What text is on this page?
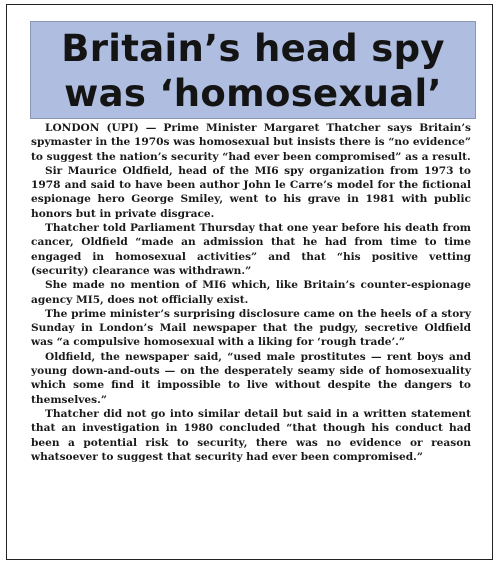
Britain’s head spy
was ‘homosexual’

LONDON (UPI) — Prime Minister Margaret Thatcher says Britain’s spymaster in the 1970s was homosexual but insists there is “no evidence” to suggest the nation’s security “had ever been compromised” as a result.

Sir Maurice Oldfield, head of the MI6 spy organization from 1973 to 1978 and said to have been author John le Carre’s model for the fictional espionage hero George Smiley, went to his grave in 1981 with public honors but in private disgrace.

Thatcher told Parliament Thursday that one year before his death from cancer, Oldfield “made an admission that he had from time to time engaged in homosexual activities” and that “his positive vetting (security) clearance was withdrawn.”

She made no mention of MI6 which, like Britain’s counter-espionage agency MI5, does not officially exist.

The prime minister’s surprising disclosure came on the heels of a story Sunday in London’s Mail newspaper that the pudgy, secretive Oldfield was “a compulsive homosexual with a liking for ‘rough trade’.”

Oldfield, the newspaper said, “used male prostitutes — rent boys and young down-and-outs — on the desperately seamy side of homosexuality which some find it impossible to live without despite the dangers to themselves.”

Thatcher did not go into similar detail but said in a written statement that an investigation in 1980 concluded “that though his conduct had been a potential risk to security, there was no evidence or reason whatsoever to suggest that security had ever been compromised.”
